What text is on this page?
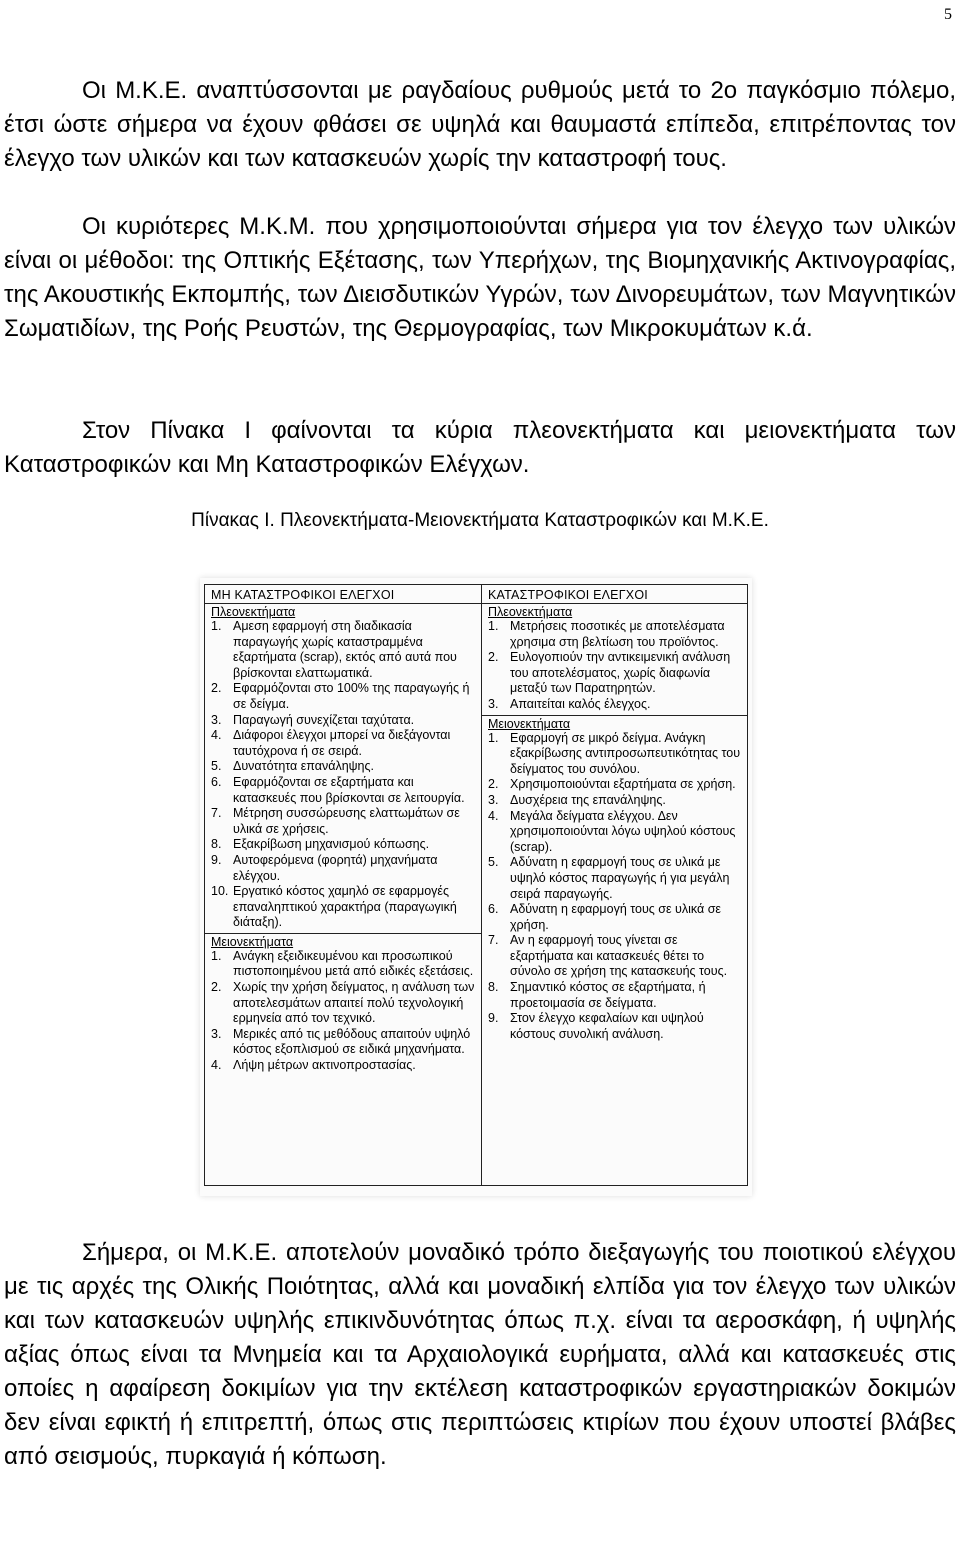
5
Οι Μ.Κ.Ε. αναπτύσσονται με ραγδαίους ρυθμούς μετά το 2ο παγκόσμιο πόλεμο, έτσι ώστε σήμερα να έχουν φθάσει σε υψηλά και θαυμαστά επίπεδα, επιτρέποντας τον έλεγχο των υλικών και των κατασκευών χωρίς την καταστροφή τους.
Οι κυριότερες Μ.Κ.Μ. που χρησιμοποιούνται σήμερα για τον έλεγχο των υλικών είναι οι μέθοδοι: της Οπτικής Εξέτασης, των Υπερήχων, της Βιομηχανικής Ακτινογραφίας, της Ακουστικής Εκπομπής, των Διεισδυτικών Υγρών, των Δινορευμάτων, των Μαγνητικών Σωματιδίων, της Ροής Ρευστών, της Θερμογραφίας, των Μικροκυμάτων κ.ά.
Στον Πίνακα Ι φαίνονται τα κύρια πλεονεκτήματα και μειονεκτήματα των Καταστροφικών και Μη Καταστροφικών Ελέγχων.
Πίνακας Ι. Πλεονεκτήματα-Μειονεκτήματα Καταστροφικών και Μ.Κ.Ε.
ΜΗ ΚΑΤΑΣΤΡΟΦΙΚΟΙ ΕΛΕΓΧΟΙ
Πλεονεκτήματα
1. Αμεση εφαρμογή στη διαδικασία παραγωγής χωρίς καταστραμμένα εξαρτήματα (scrap), εκτός από αυτά που βρίσκονται ελαττωματικά.
2. Εφαρμόζονται στο 100% της παραγωγής ή σε δείγμα.
3. Παραγωγή συνεχίζεται ταχύτατα.
4. Διάφοροι έλεγχοι μπορεί να διεξάγονται ταυτόχρονα ή σε σειρά.
5. Δυνατότητα επανάληψης.
6. Εφαρμόζονται σε εξαρτήματα και κατασκευές που βρίσκονται σε λειτουργία.
7. Μέτρηση συσσώρευσης ελαττωμάτων σε υλικά σε χρήσεις.
8. Εξακρίβωση μηχανισμού κόπωσης.
9. Αυτοφερόμενα (φορητά) μηχανήματα ελέγχου.
10. Εργατικό κόστος χαμηλό σε εφαρμογές επαναληπτικού χαρακτήρα (παραγωγική διάταξη).
Μειονεκτήματα
1. Ανάγκη εξειδικευμένου και προσωπικού πιστοποιημένου μετά από ειδικές εξετάσεις.
2. Χωρίς την χρήση δείγματος, η ανάλυση των αποτελεσμάτων απαιτεί πολύ τεχνολογική ερμηνεία από τον τεχνικό.
3. Μερικές από τις μεθόδους απαιτούν υψηλό κόστος εξοπλισμού σε ειδικά μηχανήματα.
4. Λήψη μέτρων ακτινοπροστασίας.
ΚΑΤΑΣΤΡΟΦΙΚΟΙ ΕΛΕΓΧΟΙ
Πλεονεκτήματα
1. Μετρήσεις ποσοτικές με αποτελέσματα χρησιμα στη βελτίωση του προϊόντος.
2. Ευλογοπιούν την αντικειμενική ανάλυση του αποτελέσματος, χωρίς διαφωνία μεταξύ των Παρατηρητών.
3. Απαιτείται καλός έλεγχος.
Μειονεκτήματα
1. Εφαρμογή σε μικρό δείγμα. Ανάγκη εξακρίβωσης αντιπροσωπευτικότητας του δείγματος του συνόλου.
2. Χρησιμοποιούνται εξαρτήματα σε χρήση.
3. Δυσχέρεια της επανάληψης.
4. Μεγάλα δείγματα ελέγχου. Δεν χρησιμοποιούνται λόγω υψηλού κόστους (scrap).
5. Αδύνατη η εφαρμογή τους σε υλικά με υψηλό κόστος παραγωγής ή για μεγάλη σειρά παραγωγής.
6. Αδύνατη η εφαρμογή τους σε υλικά σε χρήση.
7. Αν η εφαρμογή τους γίνεται σε εξαρτήματα και κατασκευές θέτει το σύνολο σε χρήση της κατασκευής τους.
8. Σημαντικό κόστος σε εξαρτήματα, ή προετοιμασία σε δείγματα.
9. Στον έλεγχο κεφαλαίων και υψηλού κόστους συνολική ανάλυση.
Σήμερα, οι Μ.Κ.Ε. αποτελούν μοναδικό τρόπο διεξαγωγής του ποιοτικού ελέγχου με τις αρχές της Ολικής Ποιότητας, αλλά και μοναδική ελπίδα για τον έλεγχο των υλικών και των κατασκευών υψηλής επικινδυνότητας όπως π.χ. είναι τα αεροσκάφη, ή υψηλής αξίας όπως είναι τα Μνημεία και τα Αρχαιολογικά ευρήματα, αλλά και κατασκευές στις οποίες η αφαίρεση δοκιμίων για την εκτέλεση καταστροφικών εργαστηριακών δοκιμών δεν είναι εφικτή ή επιτρεπτή, όπως στις περιπτώσεις κτιρίων που έχουν υποστεί βλάβες από σεισμούς, πυρκαγιά ή κόπωση.
